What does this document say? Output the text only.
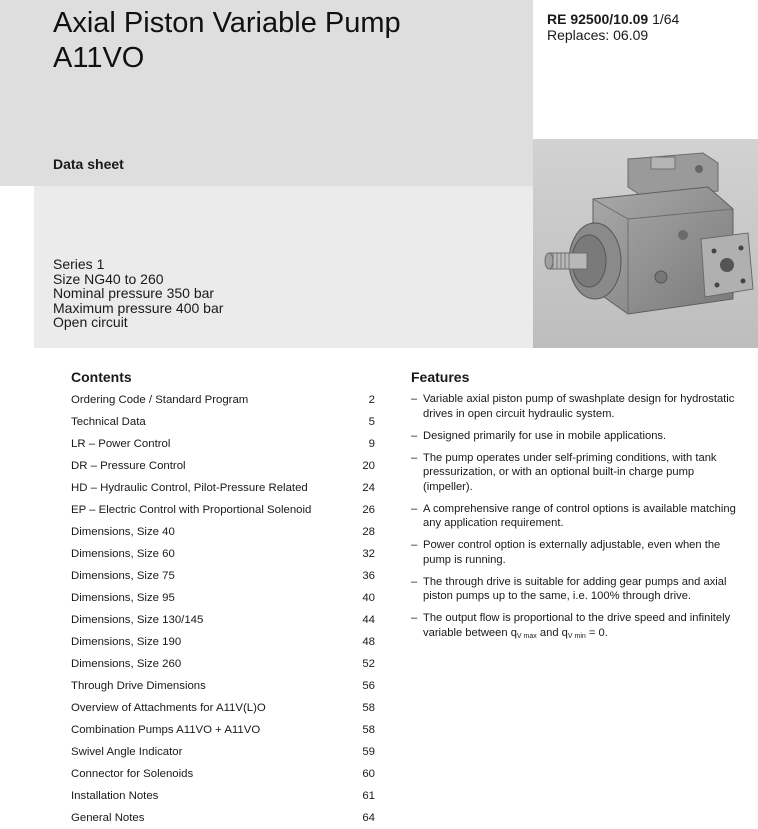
Axial Piston Variable Pump
A11VO
RE 92500/10.09 1/64
Replaces: 06.09
Data sheet
Series 1
Size NG40 to 260
Nominal pressure 350 bar
Maximum pressure 400 bar
Open circuit
Contents
Ordering Code / Standard Program	2
Technical Data	5
LR – Power Control	9
DR – Pressure Control	20
HD – Hydraulic Control, Pilot-Pressure Related	24
EP – Electric Control with Proportional Solenoid	26
Dimensions, Size 40	28
Dimensions, Size 60	32
Dimensions, Size 75	36
Dimensions, Size 95	40
Dimensions, Size 130/145	44
Dimensions, Size 190	48
Dimensions, Size 260	52
Through Drive Dimensions	56
Overview of Attachments for A11V(L)O	58
Combination Pumps A11VO + A11VO	58
Swivel Angle Indicator	59
Connector for Solenoids	60
Installation Notes	61
General Notes	64
Features
– Variable axial piston pump of swashplate design for hydrostatic drives in open circuit hydraulic system.
– Designed primarily for use in mobile applications.
– The pump operates under self-priming conditions, with tank pressurization, or with an optional built-in charge pump (impeller).
– A comprehensive range of control options is available matching any application requirement.
– Power control option is externally adjustable, even when the pump is running.
– The through drive is suitable for adding gear pumps and axial piston pumps up to the same, i.e. 100% through drive.
– The output flow is proportional to the drive speed and infinitely variable between $q_{V max}$ and $q_{V min} = 0$.
